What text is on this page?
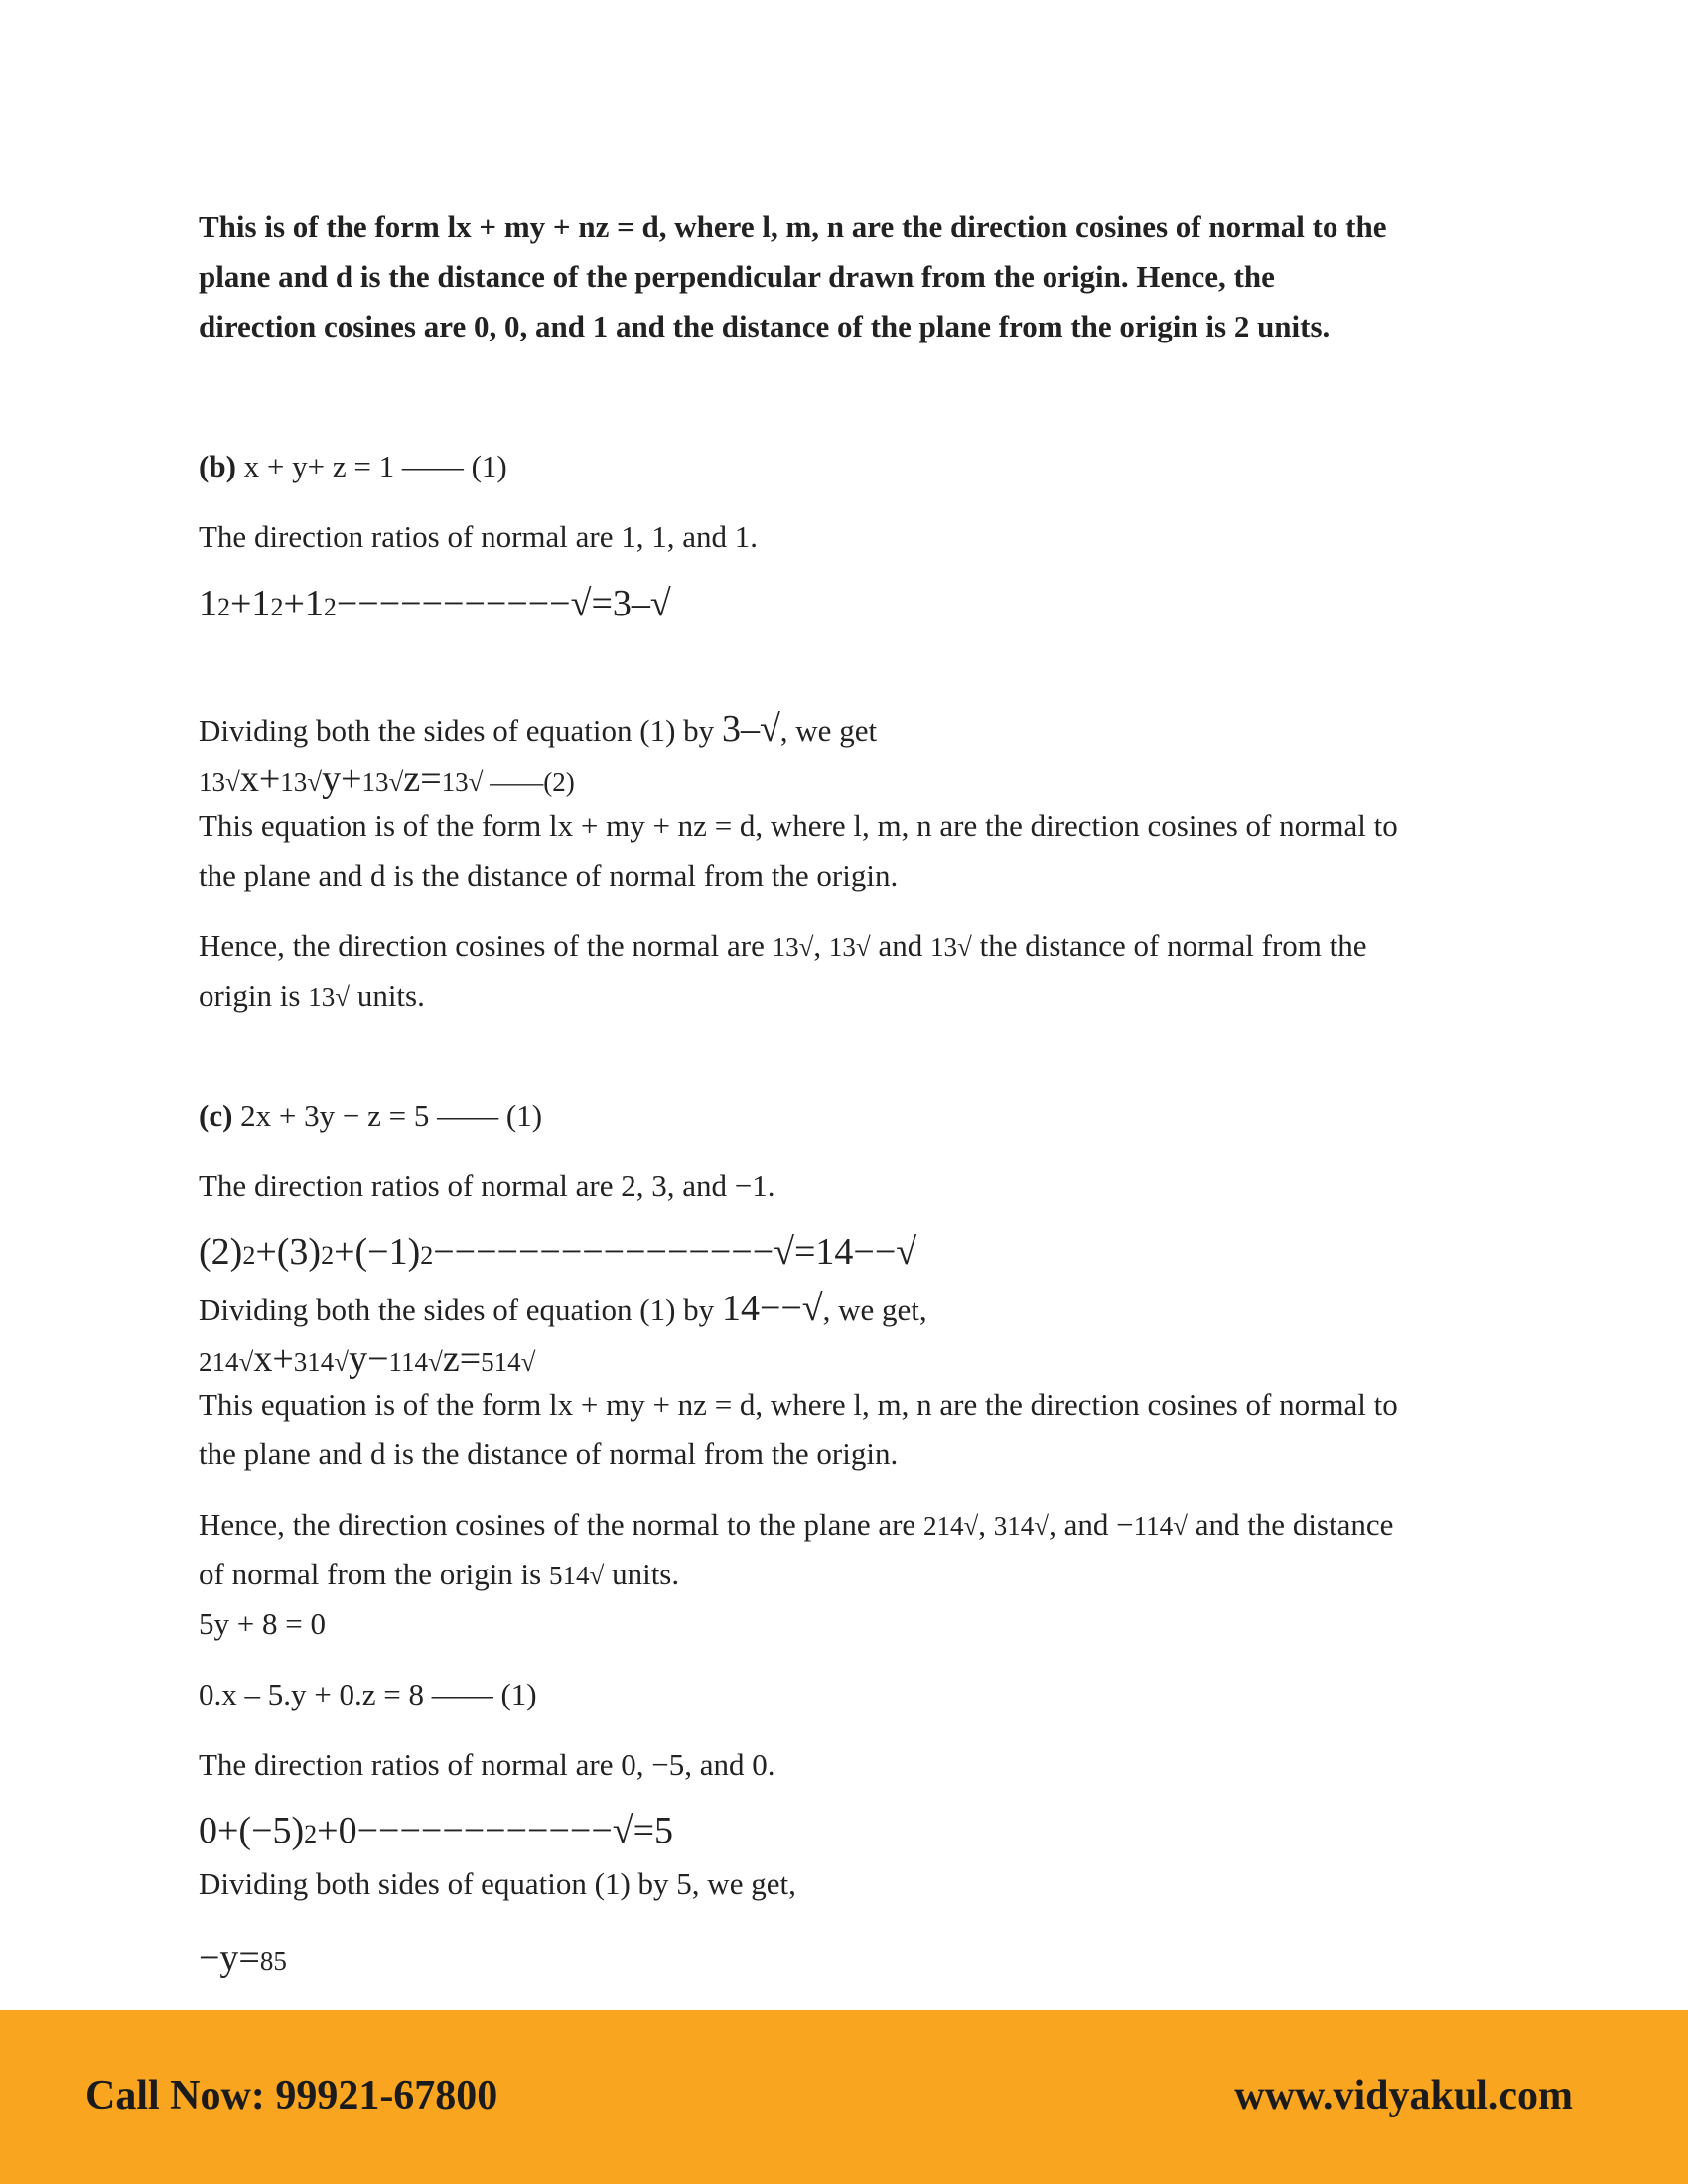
This is of the form lx + my + nz = d, where l, m, n are the direction cosines of normal to the

plane and d is the distance of the perpendicular drawn from the origin. Hence, the

direction cosines are 0, 0, and 1 and the distance of the plane from the origin is 2 units.

(b) x + y+ z = 1 —— (1)

The direction ratios of normal are 1, 1, and 1.

12+12+12−−−−−−−−−−−√=3–√

Dividing both the sides of equation (1) by 3–√, we get

13√x+13√y+13√z=13√ ——(2)

This equation is of the form lx + my + nz = d, where l, m, n are the direction cosines of normal to

the plane and d is the distance of normal from the origin.

Hence, the direction cosines of the normal are 13√, 13√ and 13√ the distance of normal from the

origin is 13√ units.

(c) 2x + 3y − z = 5 —— (1)

The direction ratios of normal are 2, 3, and −1.

(2)2+(3)2+(−1)2−−−−−−−−−−−−−−−−√=14−−√

Dividing both the sides of equation (1) by 14−−√, we get,

214√x+314√y−114√z=514√

This equation is of the form lx + my + nz = d, where l, m, n are the direction cosines of normal to

the plane and d is the distance of normal from the origin.

Hence, the direction cosines of the normal to the plane are 214√, 314√, and −114√ and the distance

of normal from the origin is 514√ units.

5y + 8 = 0

0.x – 5.y + 0.z = 8 —— (1)

The direction ratios of normal are 0, −5, and 0.

0+(−5)2+0−−−−−−−−−−−−√=5

Dividing both sides of equation (1) by 5, we get,

−y=85

Call Now: 99921-67800	www.vidyakul.com
